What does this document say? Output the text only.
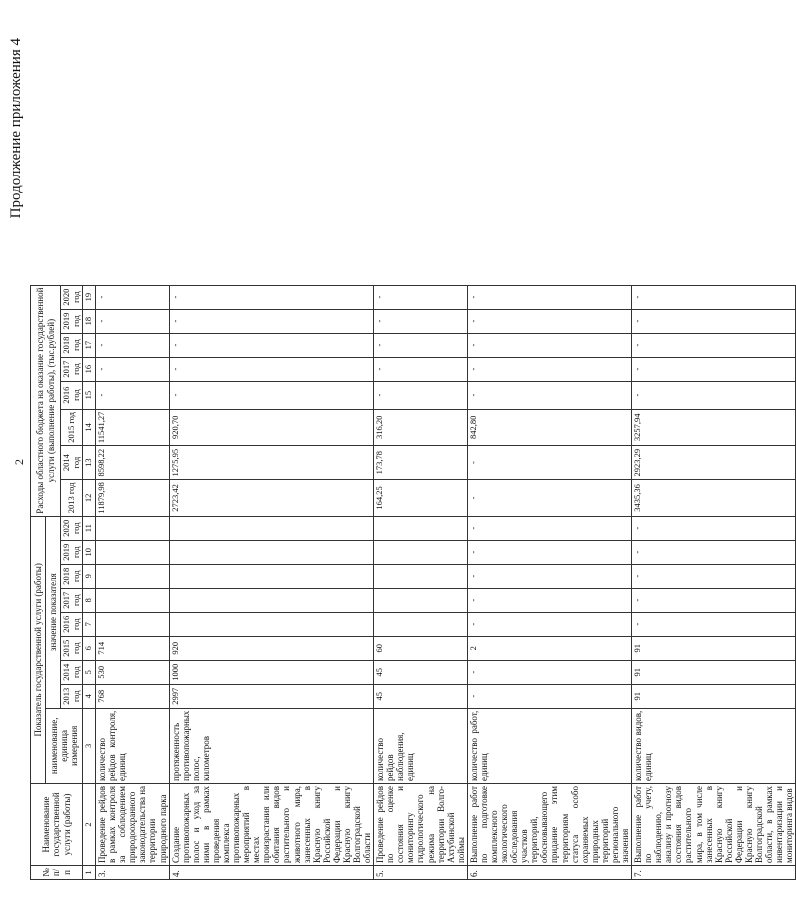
2
Продолжение приложения 4
№ п/п	Наименование государственной услуги (работы)	Показатель государственной услуги (работы)									Расходы областного бюджета на оказание государственной услуги (выполнение работы), (тыс.рублей)							
		наименование, единица измерения	значение показателя															
			2013 год	2014 год	2015 год	2016 год	2017 год	2018 год	2019 год	2020 год	2013 год	2014 год	2015 год	2016 год	2017 год	2018 год	2019 год	2020 год
1	2	3	4	5	6	7	8	9	10	11	12	13	14	15	16	17	18	19
3.	Проведение рейдов в рамках контроля за соблюдением природоохранного законодательства на территории природного парка	количество рейдов контроля, единиц	768	530	714						11879,98	8598,22	11541,27	-	-	-	-	-
4.	Создание противопожарных полос и уход за ними в рамках проведения комплекса противопожарных мероприятий в местах произрастания или обитания видов растительного и животного мира, занесенных в Красную книгу Российской Федерации и Красную книгу Волгоградской области	протяженность противопожарных полос, километров	2997	1000	920						2723,42	1275,95	920,70	-	-	-	-	-
5.	Проведение рейдов по оценке состояния и мониторингу гидрологического режима на территории Волго-Ахтубинской поймы	количество рейдов наблюдения, единиц	45	45	60						164,25	173,78	316,20	-	-	-	-	-
6.	Выполнение работ по подготовке комплексного экологического обследования участков территорий, обосновывающего придание этим территориям статуса особо охраняемых природных территорий регионального значения	количество работ, единиц	-	-	2	-	-	-	-	-	-	-	842,80	-	-	-	-	-
7.	Выполнение работ по учету, наблюдению, анализу и прогнозу состояния видов растительного мира, в том числе занесенных в Красную книгу Российской Федерации и Красную книгу Волгоградской области, в рамках инвентаризации и мониторинга видов	количество видов, единиц	91	91	91	-	-	-	-	-	3435,36	2923,29	3257,94	-	-	-	-	-
